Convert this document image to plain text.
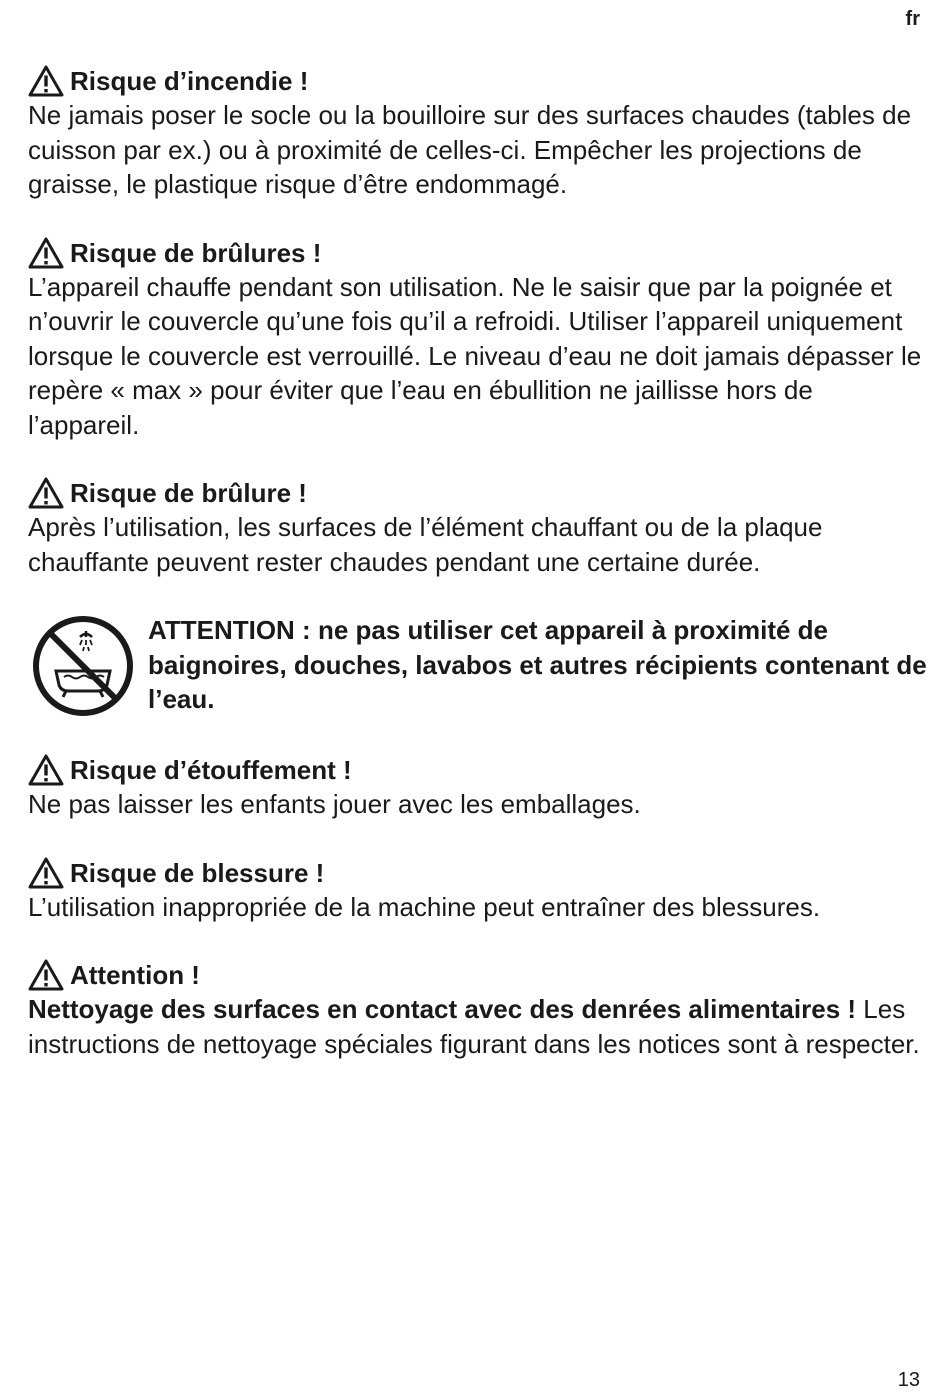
fr
Risque d’incendie !
Ne jamais poser le socle ou la bouilloire sur des surfaces chaudes (tables de cuisson par ex.) ou à proximité de celles-ci. Empêcher les projections de graisse, le plastique risque d’être endommagé.
Risque de brûlures !
L’appareil chauffe pendant son utilisation. Ne le saisir que par la poignée et n’ouvrir le couvercle qu’une fois qu’il a refroidi. Utiliser l’appareil uniquement lorsque le couvercle est verrouillé. Le niveau d’eau ne doit jamais dépasser le repère « max » pour éviter que l’eau en ébullition ne jaillisse hors de l’appareil.
Risque de brûlure !
Après l’utilisation, les surfaces de l’élément chauffant ou de la plaque chauffante peuvent rester chaudes pendant une certaine durée.
ATTENTION : ne pas utiliser cet appareil à proximité de baignoires, douches, lavabos et autres récipients contenant de l’eau.
Risque d’étouffement !
Ne pas laisser les enfants jouer avec les emballages.
Risque de blessure !
L’utilisation inappropriée de la machine peut entraîner des blessures.
Attention !
Nettoyage des surfaces en contact avec des denrées alimentaires ! Les instructions de nettoyage spéciales figurant dans les notices sont à respecter.
13
